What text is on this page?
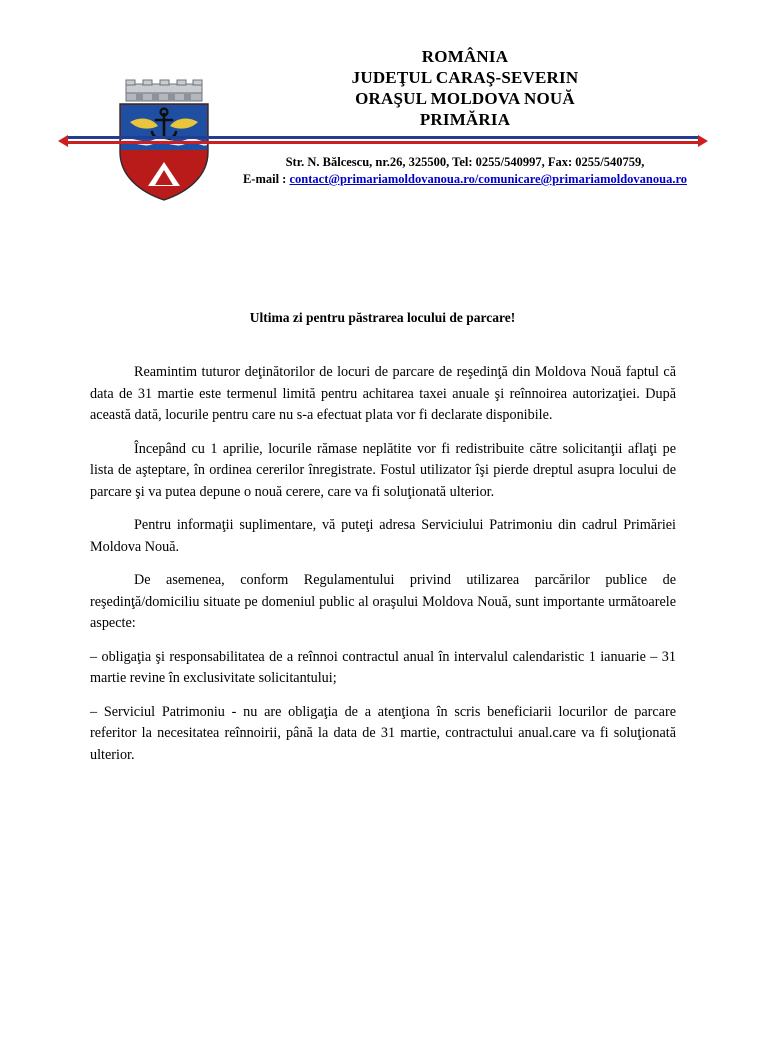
ROMÂNIA
JUDEŢUL CARAŞ-SEVERIN
ORAŞUL MOLDOVA NOUĂ
PRIMĂRIA
Str. N. Bălcescu, nr.26, 325500, Tel: 0255/540997, Fax: 0255/540759,
E-mail : contact@primariamoldovanoua.ro/comunicare@primariamoldovanoua.ro
Ultima zi pentru păstrarea locului de parcare!

Reamintim tuturor deţinătorilor de locuri de parcare de reşedinţă din Moldova Nouă faptul că data de 31 martie este termenul limită pentru achitarea taxei anuale şi reînnoirea autorizaţiei. După această dată, locurile pentru care nu s-a efectuat plata vor fi declarate disponibile.

Începând cu 1 aprilie, locurile rămase neplătite vor fi redistribuite către solicitanţii aflaţi pe lista de aşteptare, în ordinea cererilor înregistrate. Fostul utilizator îşi pierde dreptul asupra locului de parcare şi va putea depune o nouă cerere, care va fi soluţionată ulterior.

Pentru informaţii suplimentare, vă puteţi adresa Serviciului Patrimoniu din cadrul Primăriei Moldova Nouă.

De asemenea, conform Regulamentului privind utilizarea parcărilor publice de reşedinţă/domiciliu situate pe domeniul public al oraşului Moldova Nouă, sunt importante următoarele aspecte:

– obligaţia şi responsabilitatea de a reînnoi contractul anual în intervalul calendaristic 1 ianuarie – 31 martie revine în exclusivitate solicitantului;

– Serviciul Patrimoniu - nu are obligaţia de a atenţiona în scris beneficiarii locurilor de parcare referitor la necesitatea reînnoirii, până la data de 31 martie, contractului anual.care va fi soluţionată ulterior.
